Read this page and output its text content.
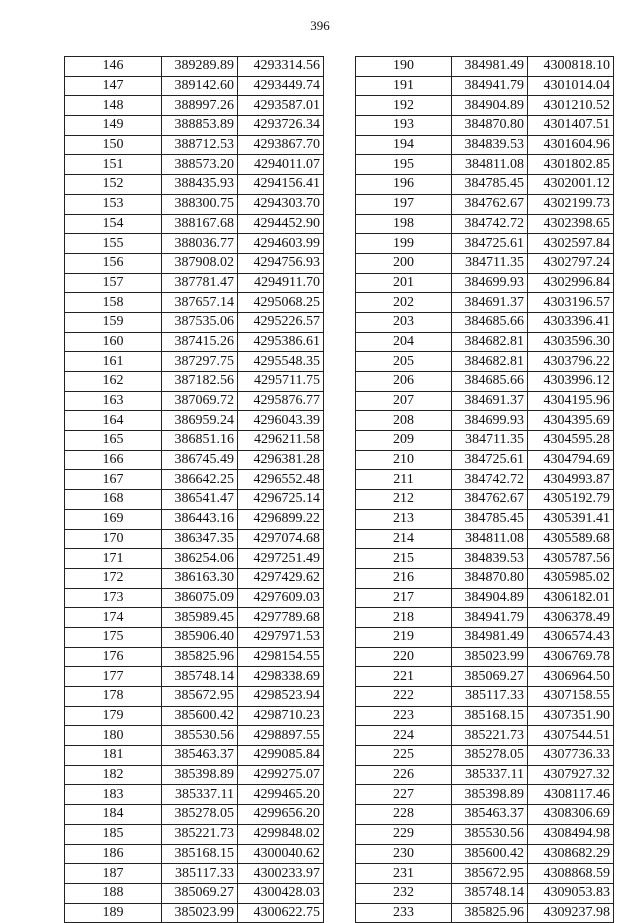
396
146	389289.89	4293314.56
147	389142.60	4293449.74
148	388997.26	4293587.01
149	388853.89	4293726.34
150	388712.53	4293867.70
151	388573.20	4294011.07
152	388435.93	4294156.41
153	388300.75	4294303.70
154	388167.68	4294452.90
155	388036.77	4294603.99
156	387908.02	4294756.93
157	387781.47	4294911.70
158	387657.14	4295068.25
159	387535.06	4295226.57
160	387415.26	4295386.61
161	387297.75	4295548.35
162	387182.56	4295711.75
163	387069.72	4295876.77
164	386959.24	4296043.39
165	386851.16	4296211.58
166	386745.49	4296381.28
167	386642.25	4296552.48
168	386541.47	4296725.14
169	386443.16	4296899.22
170	386347.35	4297074.68
171	386254.06	4297251.49
172	386163.30	4297429.62
173	386075.09	4297609.03
174	385989.45	4297789.68
175	385906.40	4297971.53
176	385825.96	4298154.55
177	385748.14	4298338.69
178	385672.95	4298523.94
179	385600.42	4298710.23
180	385530.56	4298897.55
181	385463.37	4299085.84
182	385398.89	4299275.07
183	385337.11	4299465.20
184	385278.05	4299656.20
185	385221.73	4299848.02
186	385168.15	4300040.62
187	385117.33	4300233.97
188	385069.27	4300428.03
189	385023.99	4300622.75
190	384981.49	4300818.10
191	384941.79	4301014.04
192	384904.89	4301210.52
193	384870.80	4301407.51
194	384839.53	4301604.96
195	384811.08	4301802.85
196	384785.45	4302001.12
197	384762.67	4302199.73
198	384742.72	4302398.65
199	384725.61	4302597.84
200	384711.35	4302797.24
201	384699.93	4302996.84
202	384691.37	4303196.57
203	384685.66	4303396.41
204	384682.81	4303596.30
205	384682.81	4303796.22
206	384685.66	4303996.12
207	384691.37	4304195.96
208	384699.93	4304395.69
209	384711.35	4304595.28
210	384725.61	4304794.69
211	384742.72	4304993.87
212	384762.67	4305192.79
213	384785.45	4305391.41
214	384811.08	4305589.68
215	384839.53	4305787.56
216	384870.80	4305985.02
217	384904.89	4306182.01
218	384941.79	4306378.49
219	384981.49	4306574.43
220	385023.99	4306769.78
221	385069.27	4306964.50
222	385117.33	4307158.55
223	385168.15	4307351.90
224	385221.73	4307544.51
225	385278.05	4307736.33
226	385337.11	4307927.32
227	385398.89	4308117.46
228	385463.37	4308306.69
229	385530.56	4308494.98
230	385600.42	4308682.29
231	385672.95	4308868.59
232	385748.14	4309053.83
233	385825.96	4309237.98
